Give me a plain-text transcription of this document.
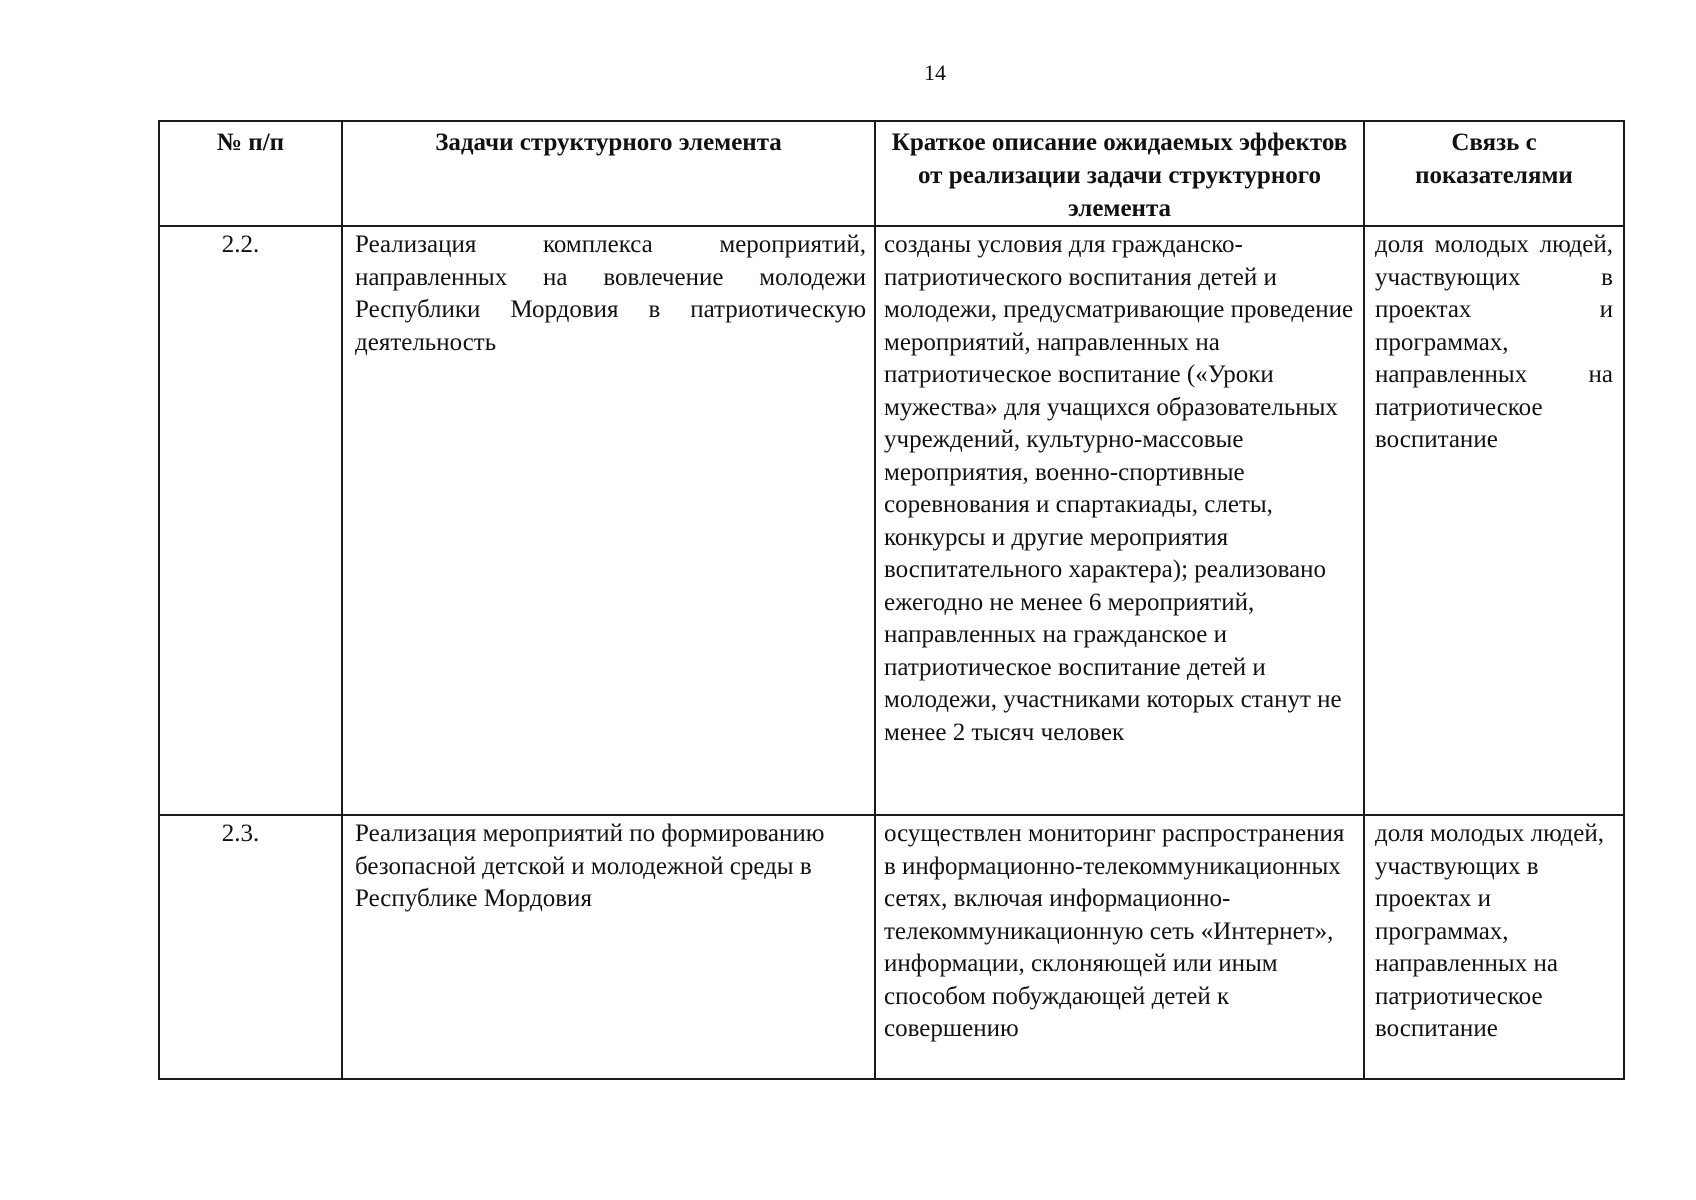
14
№ п/п	Задачи структурного элемента	Краткое описание ожидаемых эффектов от реализации задачи структурного элемента	Связь с показателями
2.2.	Реализация комплекса мероприятий, направленных на вовлечение молодежи Республики Мордовия в патриотическую деятельность	созданы условия для гражданско-патриотического воспитания детей и молодежи, предусматривающие проведение мероприятий, направленных на патриотическое воспитание («Уроки мужества» для учащихся образовательных учреждений, культурно-массовые мероприятия, военно-спортивные соревнования и спартакиады, слеты, конкурсы и другие мероприятия воспитательного характера); реализовано ежегодно не менее 6 мероприятий, направленных на гражданское и патриотическое воспитание детей и молодежи, участниками которых станут не менее 2 тысяч человек	доля молодых людей, участвующих в проектах и программах, направленных на патриотическое воспитание
2.3.	Реализация мероприятий по формированию безопасной детской и молодежной среды в Республике Мордовия	осуществлен мониторинг распространения в информационно-телекоммуникационных сетях, включая информационно-телекоммуникационную сеть «Интернет», информации, склоняющей или иным способом побуждающей детей к совершению	доля молодых людей, участвующих в проектах и программах, направленных на патриотическое воспитание
